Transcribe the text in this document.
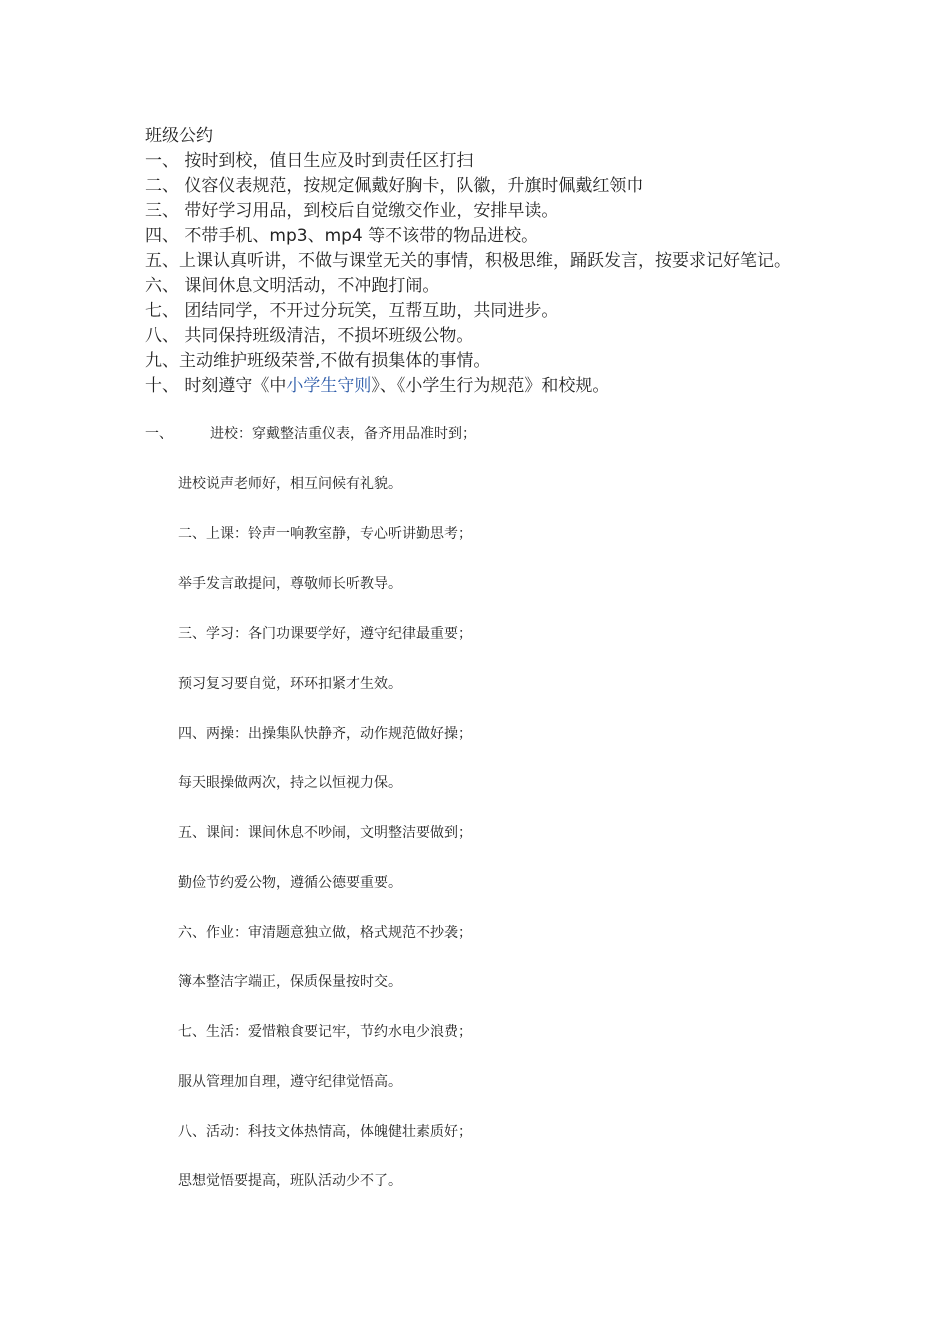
班级公约
一、 按时到校，值日生应及时到责任区打扫
二、 仪容仪表规范，按规定佩戴好胸卡，队徽，升旗时佩戴红领巾
三、 带好学习用品，到校后自觉缴交作业，安排早读。
四、 不带手机、mp3、mp4 等不该带的物品进校。
五、上课认真听讲，不做与课堂无关的事情，积极思维，踊跃发言，按要求记好笔记。
六、 课间休息文明活动，不冲跑打闹。
七、 团结同学，不开过分玩笑，互帮互助，共同进步。
八、 共同保持班级清洁，不损坏班级公物。
九、主动维护班级荣誉,不做有损集体的事情。
十、 时刻遵守《中小学生守则》、《小学生行为规范》和校规。
一、	进校：穿戴整洁重仪表，备齐用品准时到；
进校说声老师好，相互问候有礼貌。
二、上课：铃声一响教室静，专心听讲勤思考；
举手发言敢提问，尊敬师长听教导。
三、学习：各门功课要学好，遵守纪律最重要；
预习复习要自觉，环环扣紧才生效。
四、两操：出操集队快静齐，动作规范做好操；
每天眼操做两次，持之以恒视力保。
五、课间：课间休息不吵闹，文明整洁要做到；
勤俭节约爱公物，遵循公德要重要。
六、作业：审清题意独立做，格式规范不抄袭；
簿本整洁字端正，保质保量按时交。
七、生活：爱惜粮食要记牢，节约水电少浪费；
服从管理加自理，遵守纪律觉悟高。
八、活动：科技文体热情高，体魄健壮素质好；
思想觉悟要提高，班队活动少不了。
